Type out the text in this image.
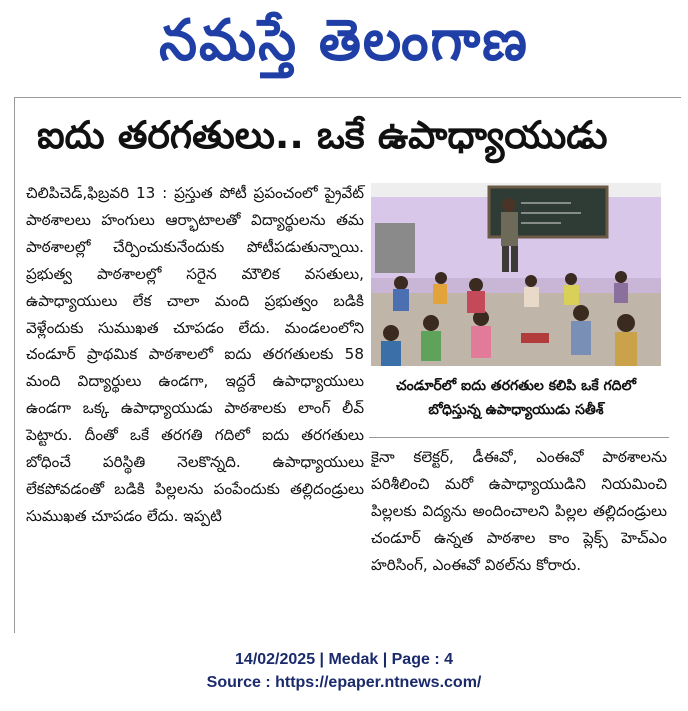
నమస్తే తెలంగాణ
ఐదు తరగతులు.. ఒకే ఉపాధ్యాయుడు

చిలిపిచెడ్,ఫిబ్రవరి 13 : ప్రస్తుత పోటీ ప్రపంచంలో ప్రైవేట్ పాఠశాలలు హంగులు ఆర్భాటాలతో విద్యార్థులను తమ పాఠశాలల్లో చేర్పించుకునేందుకు పోటీపడుతున్నాయి. ప్రభుత్వ పాఠశాలల్లో సరైన మౌలిక వసతులు, ఉపాధ్యాయులు లేక చాలా మంది ప్రభుత్వం బడికి వెళ్లేందుకు సుముఖత చూపడం లేదు. మండలంలోని చండూర్ ప్రాథమిక పాఠశాలలో ఐదు తరగతులకు 58 మంది విద్యార్థులు ఉండగా, ఇద్దరే ఉపాధ్యాయులు ఉండగా ఒక్క ఉపాధ్యాయుడు పాఠశాలకు లాంగ్ లీవ్ పెట్టారు. దీంతో ఒకే తరగతి గదిలో ఐదు తరగతులు బోధించే పరిస్థితి నెలకొన్నది. ఉపాధ్యాయులు లేకపోవడంతో బడికి పిల్లలను పంపేందుకు తల్లిదండ్రులు సుముఖత చూపడం లేదు. ఇప్పటి

చండూర్‌లో ఐదు తరగతుల కలిపి ఒకే గదిలో బోధిస్తున్న ఉపాధ్యాయుడు సతీశ్
కైనా కలెక్టర్, డీఈవో, ఎంఈవో పాఠశాలను పరిశీలించి మరో ఉపాధ్యాయుడిని నియమించి పిల్లలకు విద్యను అందించాలని పిల్లల తల్లిదండ్రులు చండూర్ ఉన్నత పాఠశాల కాం ప్లెక్స్ హెచ్ఎం హరిసింగ్, ఎంఈవో విఠల్‌ను కోరారు.
14/02/2025 | Medak | Page : 4
Source : https://epaper.ntnews.com/
